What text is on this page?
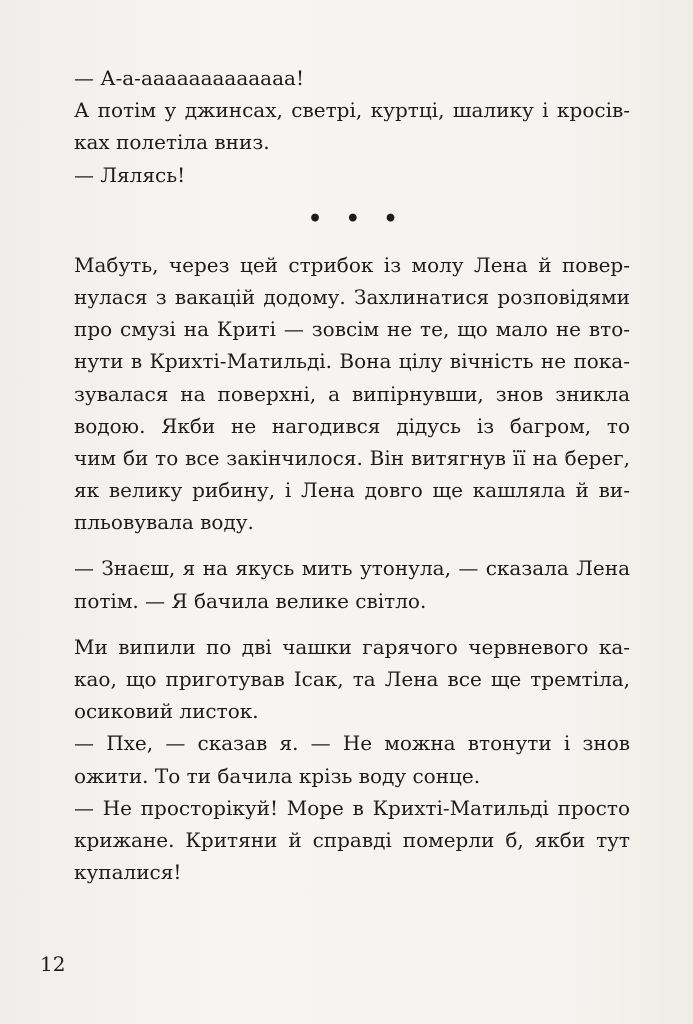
— А-а-ааааааааааааа!
А потім у джинсах, светрі, куртці, шалику і кросів-
ках полетіла вниз.
— Лялясь!
• • •
Мабуть, через цей стрибок із молу Лена й повер-
нулася з вакацій додому. Захлинатися розповідями
про смузі на Криті — зовсім не те, що мало не вто-
нути в Крихті-Матильді. Вона цілу вічність не пока-
зувалася на поверхні, а випірнувши, знов зникла
водою. Якби не нагодився дідусь із багром, то
чим би то все закінчилося. Він витягнув її на берег,
як велику рибину, і Лена довго ще кашляла й ви-
пльовувала воду.
— Знаєш, я на якусь мить утонула, — сказала Лена
потім. — Я бачила велике світло.
Ми випили по дві чашки гарячого червневого ка-
као, що приготував Ісак, та Лена все ще тремтіла,
осиковий листок.
— Пхе, — сказав я. — Не можна втонути і знов
ожити. То ти бачила крізь воду сонце.
— Не просторікуй! Море в Крихті-Матильді просто
крижане. Критяни й справді померли б, якби тут
купалися!
12
